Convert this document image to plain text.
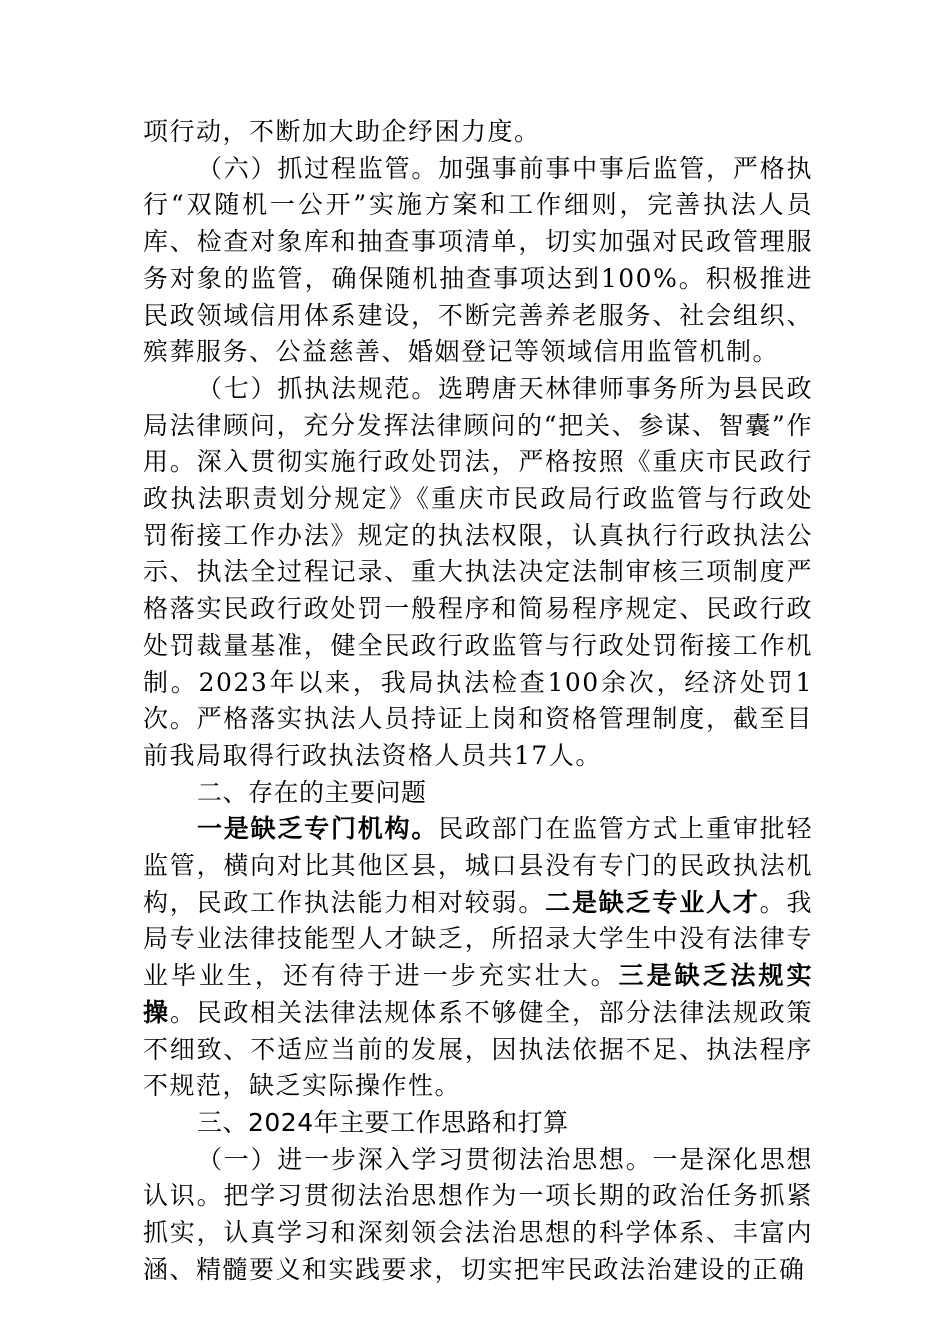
项行动，不断加大助企纾困力度。

（六）抓过程监管。加强事前事中事后监管，严格执行“双随机一公开”实施方案和工作细则，完善执法人员库、检查对象库和抽查事项清单，切实加强对民政管理服务对象的监管，确保随机抽查事项达到100%。积极推进民政领域信用体系建设，不断完善养老服务、社会组织、殡葬服务、公益慈善、婚姻登记等领域信用监管机制。

（七）抓执法规范。选聘唐天林律师事务所为县民政局法律顾问，充分发挥法律顾问的“把关、参谋、智囊”作用。深入贯彻实施行政处罚法，严格按照《重庆市民政行政执法职责划分规定》《重庆市民政局行政监管与行政处罚衔接工作办法》规定的执法权限，认真执行行政执法公示、执法全过程记录、重大执法决定法制审核三项制度严格落实民政行政处罚一般程序和简易程序规定、民政行政处罚裁量基准，健全民政行政监管与行政处罚衔接工作机制。2023年以来，我局执法检查100余次，经济处罚1次。严格落实执法人员持证上岗和资格管理制度，截至目前我局取得行政执法资格人员共17人。

二、存在的主要问题

一是缺乏专门机构。民政部门在监管方式上重审批轻监管，横向对比其他区县，城口县没有专门的民政执法机构，民政工作执法能力相对较弱。二是缺乏专业人才。我局专业法律技能型人才缺乏，所招录大学生中没有法律专业毕业生，还有待于进一步充实壮大。三是缺乏法规实操。民政相关法律法规体系不够健全，部分法律法规政策不细致、不适应当前的发展，因执法依据不足、执法程序不规范，缺乏实际操作性。

三、2024年主要工作思路和打算

（一）进一步深入学习贯彻法治思想。一是深化思想认识。把学习贯彻法治思想作为一项长期的政治任务抓紧抓实，认真学习和深刻领会法治思想的科学体系、丰富内涵、精髓要义和实践要求，切实把牢民政法治建设的正确
